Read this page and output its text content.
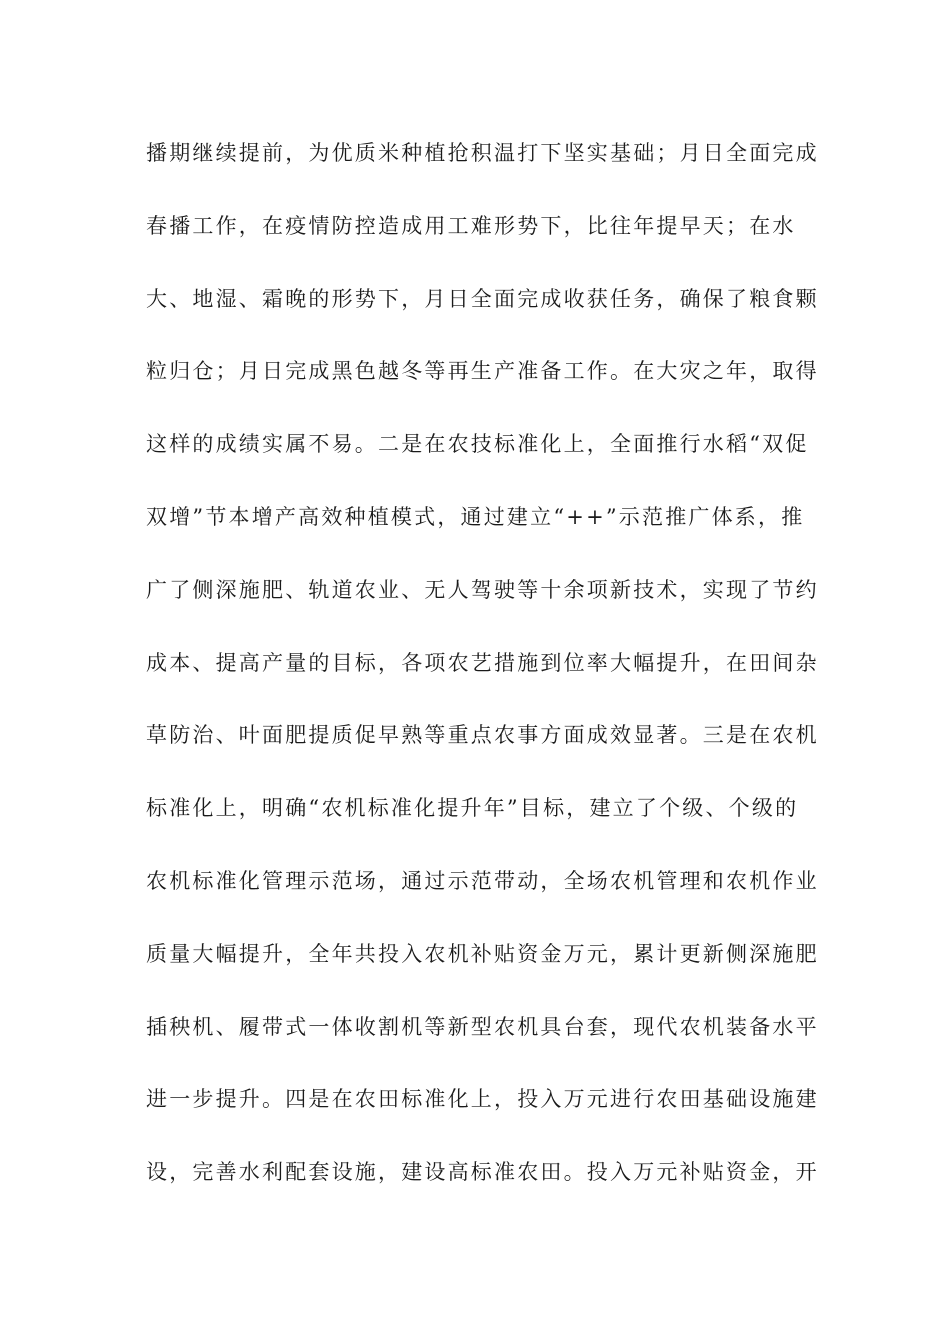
播期继续提前，为优质米种植抢积温打下坚实基础；月日全面完成
春播工作，在疫情防控造成用工难形势下，比往年提早天；在水
大、地湿、霜晚的形势下，月日全面完成收获任务，确保了粮食颗
粒归仓；月日完成黑色越冬等再生产准备工作。在大灾之年，取得
这样的成绩实属不易。二是在农技标准化上，全面推行水稻“双促
双增”节本增产高效种植模式，通过建立“++”示范推广体系，推
广了侧深施肥、轨道农业、无人驾驶等十余项新技术，实现了节约
成本、提高产量的目标，各项农艺措施到位率大幅提升，在田间杂
草防治、叶面肥提质促早熟等重点农事方面成效显著。三是在农机
标准化上，明确“农机标准化提升年”目标，建立了个级、个级的
农机标准化管理示范场，通过示范带动，全场农机管理和农机作业
质量大幅提升，全年共投入农机补贴资金万元，累计更新侧深施肥
插秧机、履带式一体收割机等新型农机具台套，现代农机装备水平
进一步提升。四是在农田标准化上，投入万元进行农田基础设施建
设，完善水利配套设施，建设高标准农田。投入万元补贴资金，开
